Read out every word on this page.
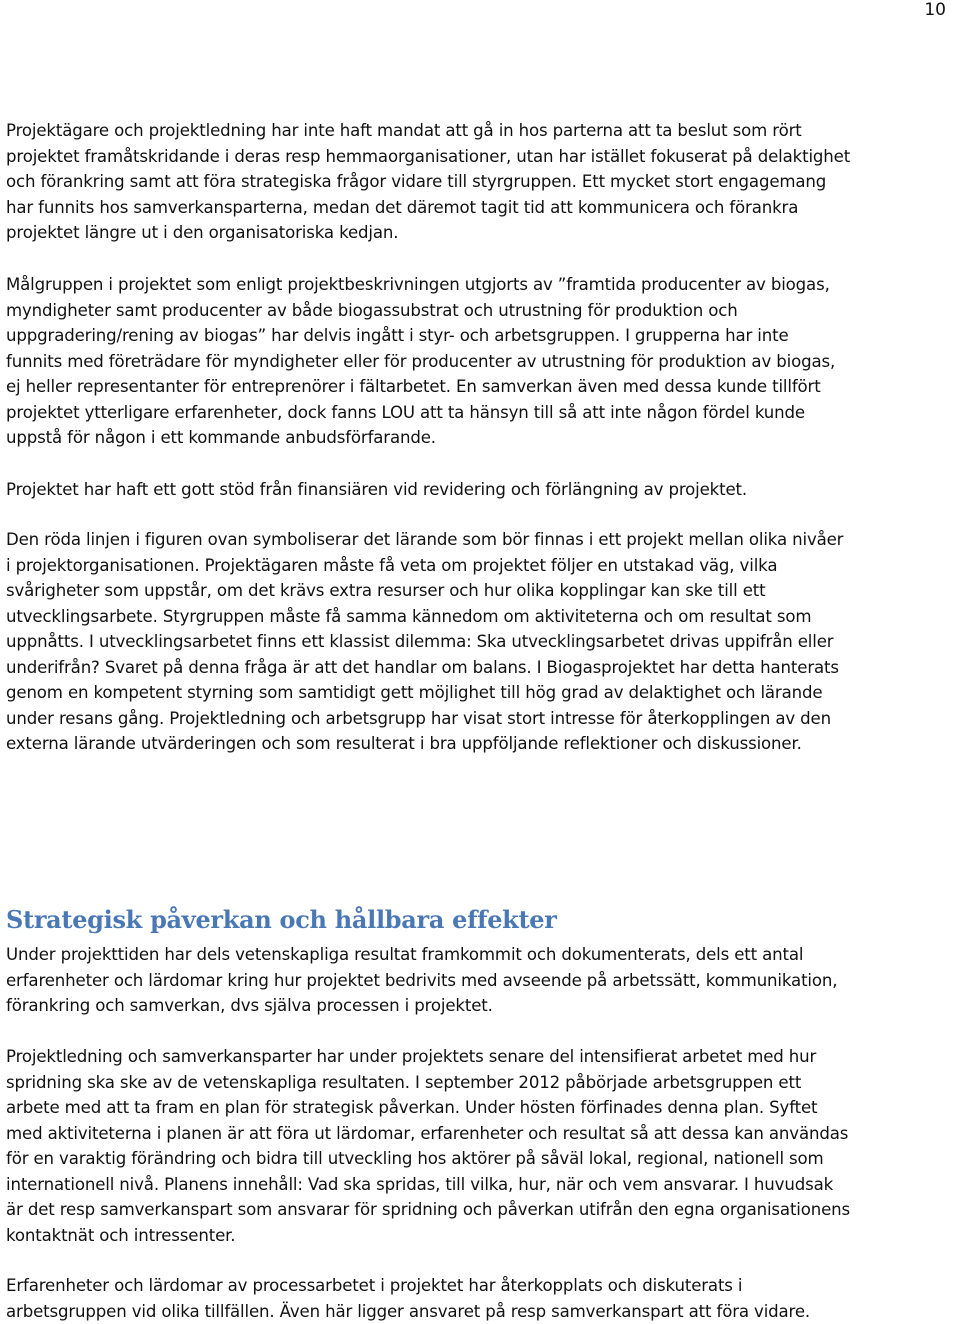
10

Projektägare och projektledning har inte haft mandat att gå in hos parterna att ta beslut som rört
projektet framåtskridande i deras resp hemmaorganisationer, utan har istället fokuserat på delaktighet
och förankring samt att föra strategiska frågor vidare till styrgruppen. Ett mycket stort engagemang
har funnits hos samverkansparterna, medan det däremot tagit tid att kommunicera och förankra
projektet längre ut i den organisatoriska kedjan.

Målgruppen i projektet som enligt projektbeskrivningen utgjorts av ”framtida producenter av biogas,
myndigheter samt producenter av både biogassubstrat och utrustning för produktion och
uppgradering/rening av biogas” har delvis ingått i styr- och arbetsgruppen. I grupperna har inte
funnits med företrädare för myndigheter eller för producenter av utrustning för produktion av biogas,
ej heller representanter för entreprenörer i fältarbetet. En samverkan även med dessa kunde tillfört
projektet ytterligare erfarenheter, dock fanns LOU att ta hänsyn till så att inte någon fördel kunde
uppstå för någon i ett kommande anbudsförfarande.

Projektet har haft ett gott stöd från finansiären vid revidering och förlängning av projektet.

Den röda linjen i figuren ovan symboliserar det lärande som bör finnas i ett projekt mellan olika nivåer
i projektorganisationen. Projektägaren måste få veta om projektet följer en utstakad väg, vilka
svårigheter som uppstår, om det krävs extra resurser och hur olika kopplingar kan ske till ett
utvecklingsarbete. Styrgruppen måste få samma kännedom om aktiviteterna och om resultat som
uppnåtts. I utvecklingsarbetet finns ett klassist dilemma: Ska utvecklingsarbetet drivas uppifrån eller
underifrån? Svaret på denna fråga är att det handlar om balans. I Biogasprojektet har detta hanterats
genom en kompetent styrning som samtidigt gett möjlighet till hög grad av delaktighet och lärande
under resans gång. Projektledning och arbetsgrupp har visat stort intresse för återkopplingen av den
externa lärande utvärderingen och som resulterat i bra uppföljande reflektioner och diskussioner.

Strategisk påverkan och hållbara effekter

Under projekttiden har dels vetenskapliga resultat framkommit och dokumenterats, dels ett antal
erfarenheter och lärdomar kring hur projektet bedrivits med avseende på arbetssätt, kommunikation,
förankring och samverkan, dvs själva processen i projektet.

Projektledning och samverkansparter har under projektets senare del intensifierat arbetet med hur
spridning ska ske av de vetenskapliga resultaten. I september 2012 påbörjade arbetsgruppen ett
arbete med att ta fram en plan för strategisk påverkan. Under hösten förfinades denna plan. Syftet
med aktiviteterna i planen är att föra ut lärdomar, erfarenheter och resultat så att dessa kan användas
för en varaktig förändring och bidra till utveckling hos aktörer på såväl lokal, regional, nationell som
internationell nivå. Planens innehåll: Vad ska spridas, till vilka, hur, när och vem ansvarar. I huvudsak
är det resp samverkanspart som ansvarar för spridning och påverkan utifrån den egna organisationens
kontaktnät och intressenter.

Erfarenheter och lärdomar av processarbetet i projektet har återkopplats och diskuterats i
arbetsgruppen vid olika tillfällen. Även här ligger ansvaret på resp samverkanspart att föra vidare.
